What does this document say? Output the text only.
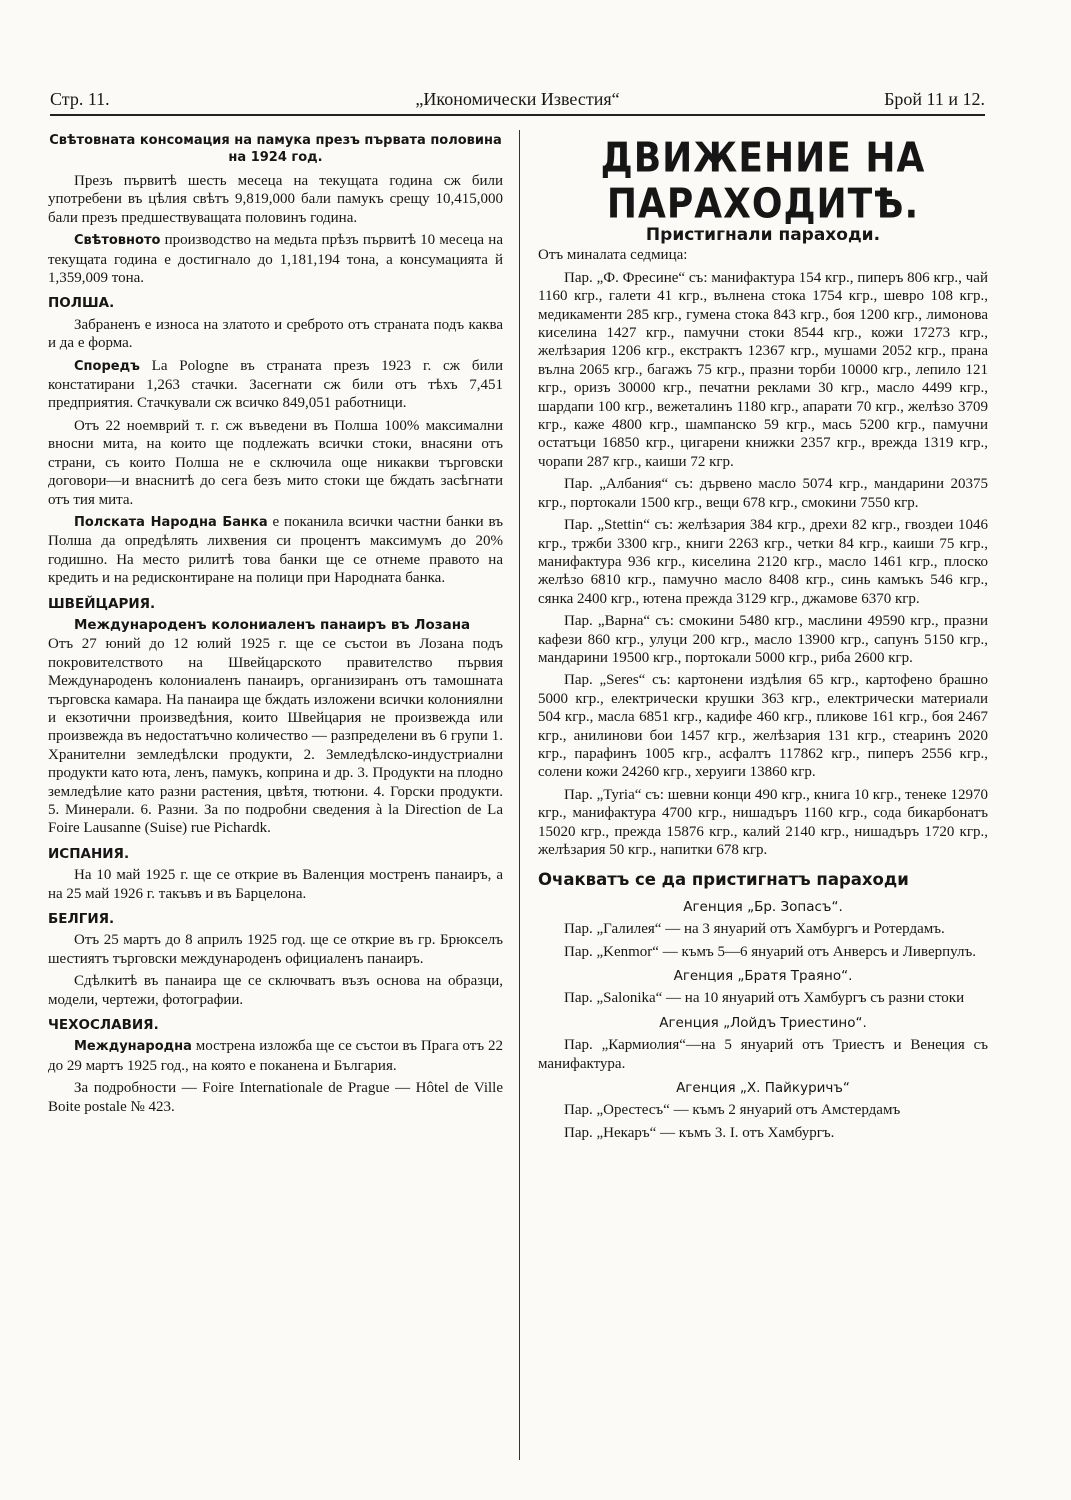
Стр. 11.	„Икономически Известия“	Брой 11 и 12.
Свѣтовната консомация на памука презъ първата половина на 1924 год.

Презъ първитѣ шесть месеца на текущата година сж били употребени въ цѣлия свѣтъ 9,819,000 бали памукъ срещу 10,415,000 бали презъ предшествуващата половинъ година.

Свѣтовното производство на медьта прѣзъ първитѣ 10 месеца на текущата година е достигнало до 1,181,194 тона, а консумацията й 1,359,009 тона.

ПОЛША.

Забраненъ е износа на златото и среброто отъ страната подъ каква и да е форма.

Споредъ La Pologne въ страната презъ 1923 г. сж били констатирани 1,263 стачки. Засегнати сж били отъ тѣхъ 7,451 предприятия. Стачкували сж всичко 849,051 работници.

Отъ 22 ноемврий т. г. сж въведени въ Полша 100% максимални вносни мита, на които ще подлежать всички стоки, внасяни отъ страни, съ които Полша не е сключила още никакви търговски договори—и внаснитѣ до сега безъ мито стоки ще бждать засѣгнати отъ тия мита.

Полската Народна Банка е поканила всички частни банки въ Полша да опредѣлять лихвения си процентъ максимумъ до 20% годишно. На место рилитѣ това банки ще се отнеме правото на кредить и на редисконтиране на полици при Народната банка.

ШВЕЙЦАРИЯ.
Международенъ колониаленъ панаиръ въ Лозана

Отъ 27 юний до 12 юлий 1925 г. ще се състои въ Лозана подъ покровителството на Швейцарското правителство първия Международенъ колониаленъ панаиръ, организиранъ отъ тамошната търговска камара. На панаира ще бждать изложени всички колониялни и екзотични произведѣния, които Швейцария не произвежда или произвежда въ недостатъчно количество — разпределени въ 6 групи 1. Хранителни земледѣлски продукти, 2. Земледѣлско-индустриални продукти като юта, ленъ, памукъ, коприна и др. 3. Продукти на плодно земледѣлие като разни растения, цвѣтя, тютюни. 4. Горски продукти. 5. Минерали. 6. Разни. За по подробни сведения à la Direction de La Foire Lausanne (Suise) rue Pichardk.

ИСПАНИЯ.

На 10 май 1925 г. ще се открие въ Валенция мостренъ панаиръ, а на 25 май 1926 г. такъвъ и въ Барцелона.

БЕЛГИЯ.

Отъ 25 мартъ до 8 априлъ 1925 год. ще се открие въ гр. Брюкселъ шестиятъ търговски международенъ официаленъ панаиръ.

Сдѣлкитѣ въ панаира ще се сключватъ възъ основа на образци, модели, чертежи, фотографии.

ЧЕХОСЛАВИЯ.

Международна мострена изложба ще се състои въ Прага отъ 22 до 29 мартъ 1925 год., на която е поканена и България.

За подробности — Foire Internationale de Prague — Hôtel de Ville Boite postale № 423.

ДВИЖЕНИЕ НА ПАРАХОДИТѢ.
Пристигнали параходи.

Отъ миналата седмица:

Пар. „Ф. Фресине“ съ: манифактура 154 кгр., пиперъ 806 кгр., чай 1160 кгр., галети 41 кгр., вълнена стока 1754 кгр., шевро 108 кгр., медикаменти 285 кгр., гумена стока 843 кгр., боя 1200 кгр., лимонова киселина 1427 кгр., памучни стоки 8544 кгр., кожи 17273 кгр., желѣзария 1206 кгр., екстрактъ 12367 кгр., мушами 2052 кгр., прана вълна 2065 кгр., багажъ 75 кгр., празни торби 10000 кгр., лепило 121 кгр., оризъ 30000 кгр., печатни реклами 30 кгр., масло 4499 кгр., шардапи 100 кгр., вежеталинъ 1180 кгр., апарати 70 кгр., желѣзо 3709 кгр., каже 4800 кгр., шампанско 59 кгр., мась 5200 кгр., памучни остатъци 16850 кгр., цигарени книжки 2357 кгр., вреждa 1319 кгр., чорапи 287 кгр., каиши 72 кгр.

Пар. „Албания“ съ: дървено масло 5074 кгр., мандарини 20375 кгр., портокали 1500 кгр., вещи 678 кгр., смокини 7550 кгр.

Пар. „Stettin“ съ: желѣзария 384 кгр., дрехи 82 кгр., гвоздеи 1046 кгр., тржби 3300 кгр., книги 2263 кгр., четки 84 кгр., каиши 75 кгр., манифактура 936 кгр., киселина 2120 кгр., масло 1461 кгр., плоско желѣзо 6810 кгр., памучно масло 8408 кгр., синь камъкъ 546 кгр., сянка 2400 кгр., ютена прежда 3129 кгр., джамове 6370 кгр.

Пар. „Варна“ съ: смокини 5480 кгр., маслини 49590 кгр., празни кафези 860 кгр., улуци 200 кгр., масло 13900 кгр., сапунъ 5150 кгр., мандарини 19500 кгр., портокали 5000 кгр., риба 2600 кгр.

Пар. „Seres“ съ: картонени издѣлия 65 кгр., картофено брашно 5000 кгр., електрически крушки 363 кгр., електрически материали 504 кгр., масла 6851 кгр., кадифе 460 кгр., пликове 161 кгр., боя 2467 кгр., анилинови бои 1457 кгр., желѣзария 131 кгр., стеаринъ 2020 кгр., парафинъ 1005 кгр., асфалтъ 117862 кгр., пиперъ 2556 кгр., солени кожи 24260 кгр., херуиги 13860 кгр.

Пар. „Tyria“ съ: шевни конци 490 кгр., книга 10 кгр., тенеке 12970 кгр., манифактура 4700 кгр., нишадъръ 1160 кгр., сода бикарбонатъ 15020 кгр., прежда 15876 кгр., калий 2140 кгр., нишадъръ 1720 кгр., желѣзария 50 кгр., напитки 678 кгр.

Очакватъ се да пристигнатъ параходи
Агенция „Бр. Зопасъ“.

Пар. „Галилея“ — на 3 януарий отъ Хамбургъ и Ротердамъ.

Пар. „Kenmor“ — къмъ 5—6 януарий отъ Анверсъ и Ливерпулъ.

Агенция „Братя Траяно“.

Пар. „Salonika“ — на 10 януарий отъ Хамбургъ съ разни стоки

Агенция „Лойдъ Триестино“.

Пар. „Кармиолия“—на 5 януарий отъ Триестъ и Венеция съ манифактура.

Агенция „Х. Пайкуричъ“

Пар. „Орестесъ“ — къмъ 2 януарий отъ Амстердамъ

Пар. „Некаръ“ — къмъ 3. I. отъ Хамбургъ.
